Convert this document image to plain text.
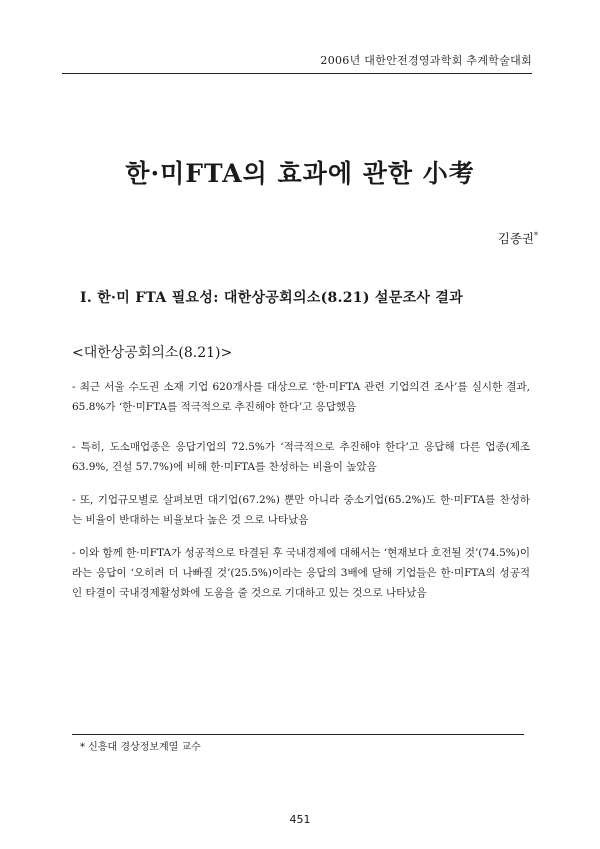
2006년 대한안전경영과학회 추계학술대회
한·미FTA의 효과에 관한 小考
김종권*
Ⅰ. 한·미 FTA 필요성: 대한상공회의소(8.21) 설문조사 결과
<대한상공회의소(8.21)>
- 최근 서울 수도권 소재 기업 620개사를 대상으로 ‘한·미FTA 관련 기업의견 조사’를 실시한 결과, 65.8%가 ‘한·미FTA를 적극적으로 추진해야 한다’고 응답했음
- 특히, 도소매업종은 응답기업의 72.5%가 ‘적극적으로 추진해야 한다’고 응답해 다른 업종(제조 63.9%, 건설 57.7%)에 비해 한·미FTA를 찬성하는 비율이 높았음
- 또, 기업규모별로 살펴보면 대기업(67.2%) 뿐만 아니라 중소기업(65.2%)도 한·미FTA를 찬성하는 비율이 반대하는 비율보다 높은 것 으로 나타났음
- 이와 함께 한·미FTA가 성공적으로 타결된 후 국내경제에 대해서는 ‘현재보다 호전될 것’(74.5%)이라는 응답이 ‘오히려 더 나빠질 것’(25.5%)이라는 응답의 3배에 달해 기업들은 한·미FTA의 성공적인 타결이 국내경제활성화에 도움을 줄 것으로 기대하고 있는 것으로 나타났음
* 신흥대 경상정보계열 교수
451
